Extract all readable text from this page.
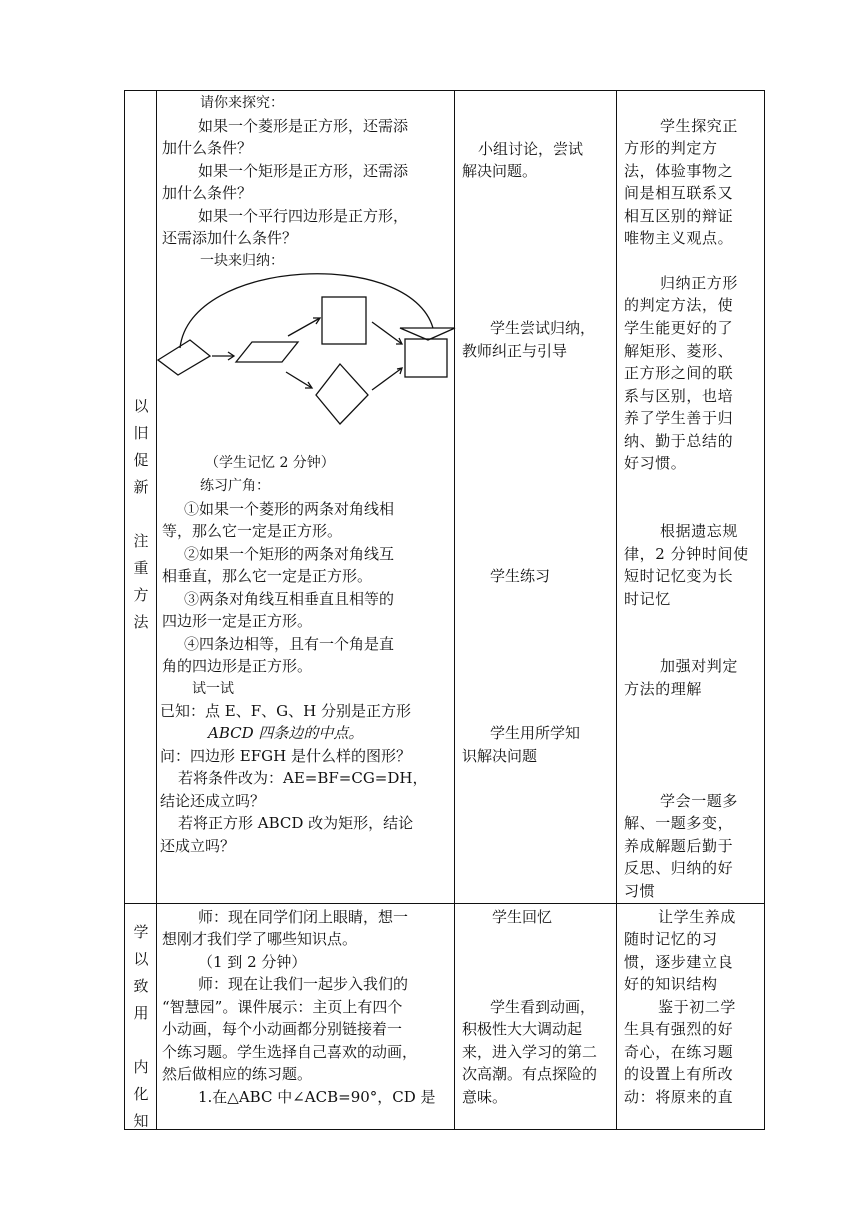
以
旧
促
新
注
重
方
法
请你来探究：
如果一个菱形是正方形，还需添
加什么条件？
如果一个矩形是正方形，还需添
加什么条件？
如果一个平行四边形是正方形，
还需添加什么条件？
一块来归纳：
（学生记忆 2 分钟）
练习广角：
①如果一个菱形的两条对角线相
等，那么它一定是正方形。
②如果一个矩形的两条对角线互
相垂直，那么它一定是正方形。
③两条对角线互相垂直且相等的
四边形一定是正方形。
④四条边相等，且有一个角是直
角的四边形是正方形。
试一试
已知：点 E、F、G、H 分别是正方形
ABCD 四条边的中点。
问：四边形 EFGH 是什么样的图形？
若将条件改为：AE=BF=CG=DH，
结论还成立吗？
若将正方形 ABCD 改为矩形，结论
还成立吗？
小组讨论，尝试
解决问题。
学生尝试归纳，
教师纠正与引导
学生练习
学生用所学知
识解决问题
学生探究正
方形的判定方
法，体验事物之
间是相互联系又
相互区别的辩证
唯物主义观点。
归纳正方形
的判定方法，使
学生能更好的了
解矩形、菱形、
正方形之间的联
系与区别，也培
养了学生善于归
纳、勤于总结的
好习惯。
根据遗忘规
律，2 分钟时间使
短时记忆变为长
时记忆
加强对判定
方法的理解
学会一题多
解、一题多变，
养成解题后勤于
反思、归纳的好
习惯
学
以
致
用
内
化
知
师：现在同学们闭上眼睛，想一
想刚才我们学了哪些知识点。
（1 到 2 分钟）
师：现在让我们一起步入我们的
“智慧园”。课件展示：主页上有四个
小动画，每个小动画都分别链接着一
个练习题。学生选择自己喜欢的动画，
然后做相应的练习题。
1.在△ABC 中∠ACB=90°，CD 是
学生回忆
学生看到动画，
积极性大大调动起
来，进入学习的第二
次高潮。有点探险的
意味。
让学生养成
随时记忆的习
惯，逐步建立良
好的知识结构
鉴于初二学
生具有强烈的好
奇心，在练习题
的设置上有所改
动：将原来的直
